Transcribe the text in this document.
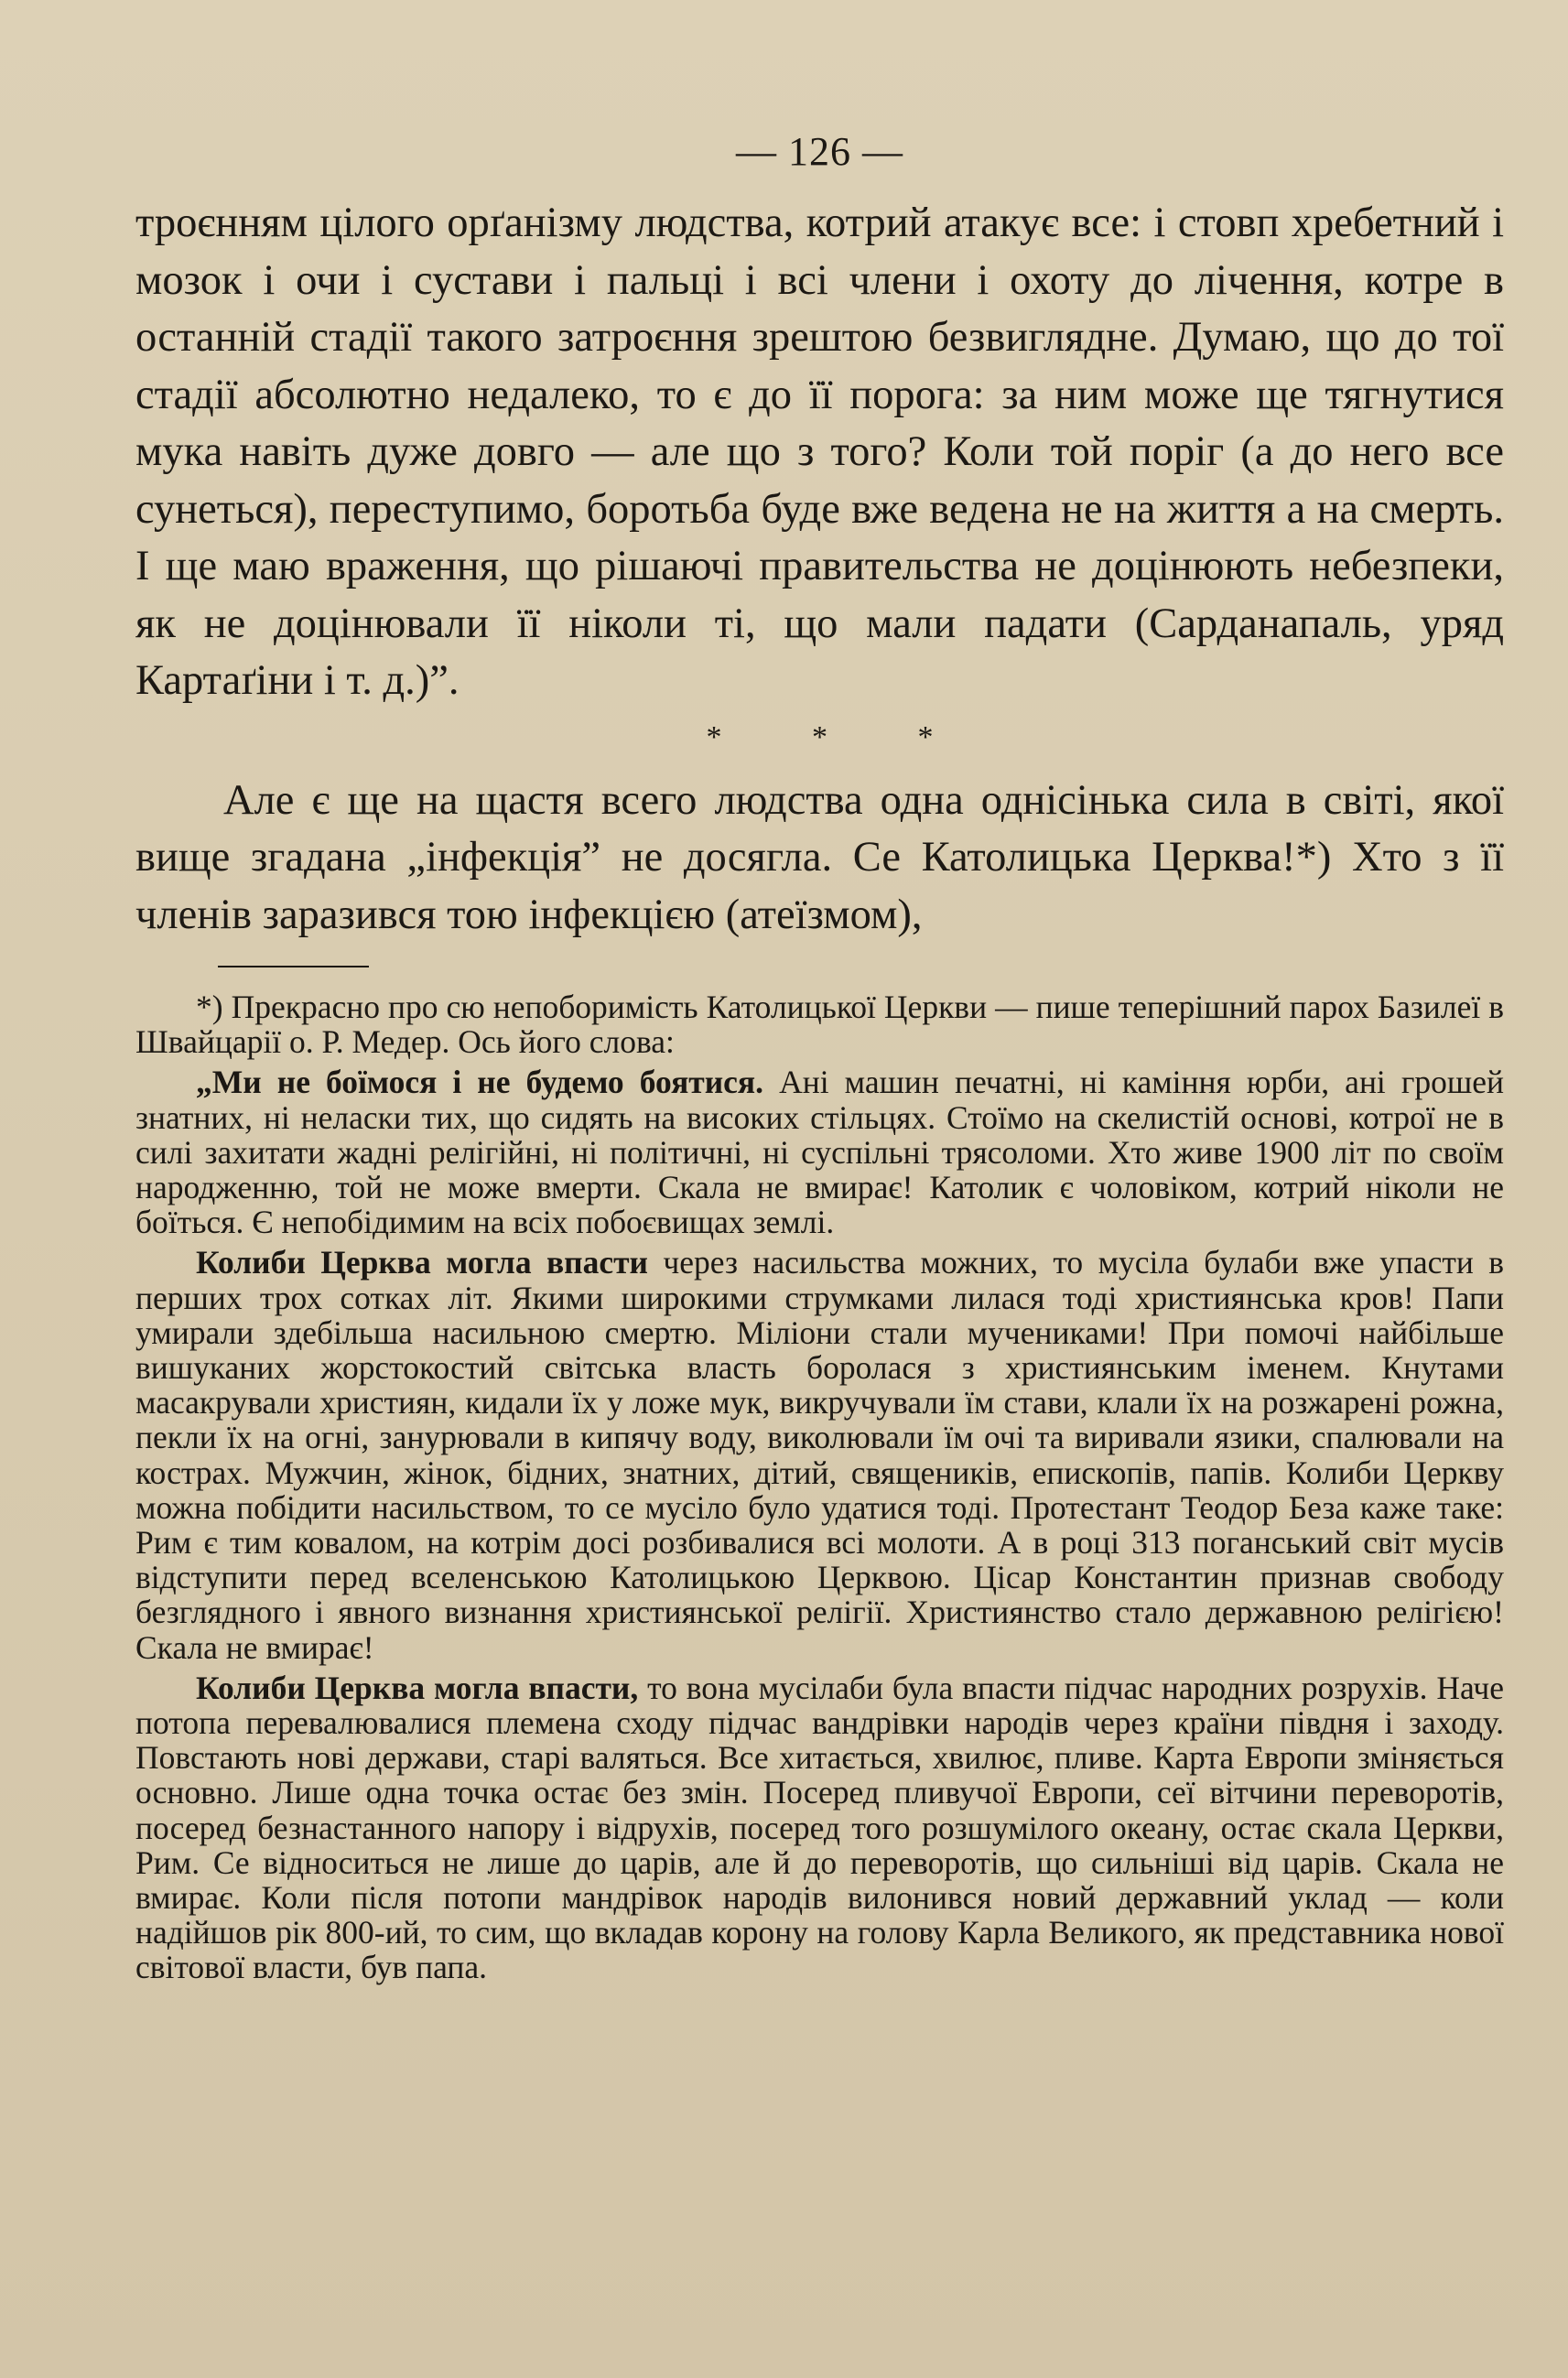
— 126 —

троєнням цілого орґанізму людства, котрий атакує все: і стовп хребетний і мозок і очи і сустави і пальці і всі члени і охоту до лічення, котре в останній стадії такого затроєння зрештою безвиглядне. Думаю, що до тої стадії абсолютно недалеко, то є до її порога: за ним може ще тягнутися мука навіть дуже довго — але що з того? Коли той поріг (а до него все сунеться), переступимо, боротьба буде вже ведена не на життя а на смерть. І ще маю враження, що рішаючі правительства не доцінюють небезпеки, як не доцінювали її ніколи ті, що мали падати (Сарданапаль, уряд Картаґіни і т. д.)”.

* * *

Але є ще на щастя всего людства одна однісінька сила в світі, якої вище згадана „інфекція” не досягла. Се Католицька Церква!*) Хто з її членів заразився тою інфекцією (атеїзмом),

*) Прекрасно про сю непоборимість Католицької Церкви — пише теперішний парох Базилеї в Швайцарії о. Р. Медер. Ось його слова:

„Ми не боїмося і не будемо боятися. Ані машин печатні, ні каміння юрби, ані грошей знатних, ні неласки тих, що сидять на високих стільцях. Стоїмо на скелистій основі, котрої не в силі захитати жадні релігійні, ні політичні, ні суспільні трясоломи. Хто живе 1900 літ по своїм народженню, той не може вмерти. Скала не вмирає! Католик є чоловіком, котрий ніколи не боїться. Є непобідимим на всіх побоєвищах землі.

Колиби Церква могла впасти через насильства можних, то мусіла булаби вже упасти в перших трох сотках літ. Якими широкими струмками лилася тоді християнська кров! Папи умирали здебільша насильною смертю. Міліони стали мучениками! При помочі найбільше вишуканих жорстокостий світська власть боролася з християнським іменем. Кнутами масакрували християн, кидали їх у ложе мук, викручували їм стави, клали їх на розжарені рожна, пекли їх на огні, занурювали в кипячу воду, виколювали їм очі та виривали язики, спалювали на кострах. Мужчин, жінок, бідних, знатних, дітий, священиків, епископів, папів. Колиби Церкву можна побідити насильством, то се мусіло було удатися тоді. Протестант Теодор Беза каже таке: Рим є тим ковалом, на котрім досі розбивалися всі молоти. А в році 313 поганський світ мусів відступити перед вселенською Католицькою Церквою. Цісар Константин признав свободу безглядного і явного визнання християнської релігії. Християнство стало державною релігією! Скала не вмирає!

Колиби Церква могла впасти, то вона мусілаби була впасти підчас народних розрухів. Наче потопа перевалювалися племена сходу підчас вандрівки народів через країни півдня і заходу. Повстають нові держави, старі валяться. Все хитається, хвилює, пливе. Карта Европи зміняється основно. Лише одна точка остає без змін. Посеред пливучої Европи, сеї вітчини переворотів, посеред безнастанного напору і відрухів, посеред того розшумілого океану, остає скала Церкви, Рим. Се відноситься не лише до царів, але й до переворотів, що сильніші від царів. Скала не вмирає. Коли після потопи мандрівок народів вилонився новий державний уклад — коли надійшов рік 800-ий, то сим, що вкладав корону на голову Карла Великого, як представника нової світової власти, був папа.
